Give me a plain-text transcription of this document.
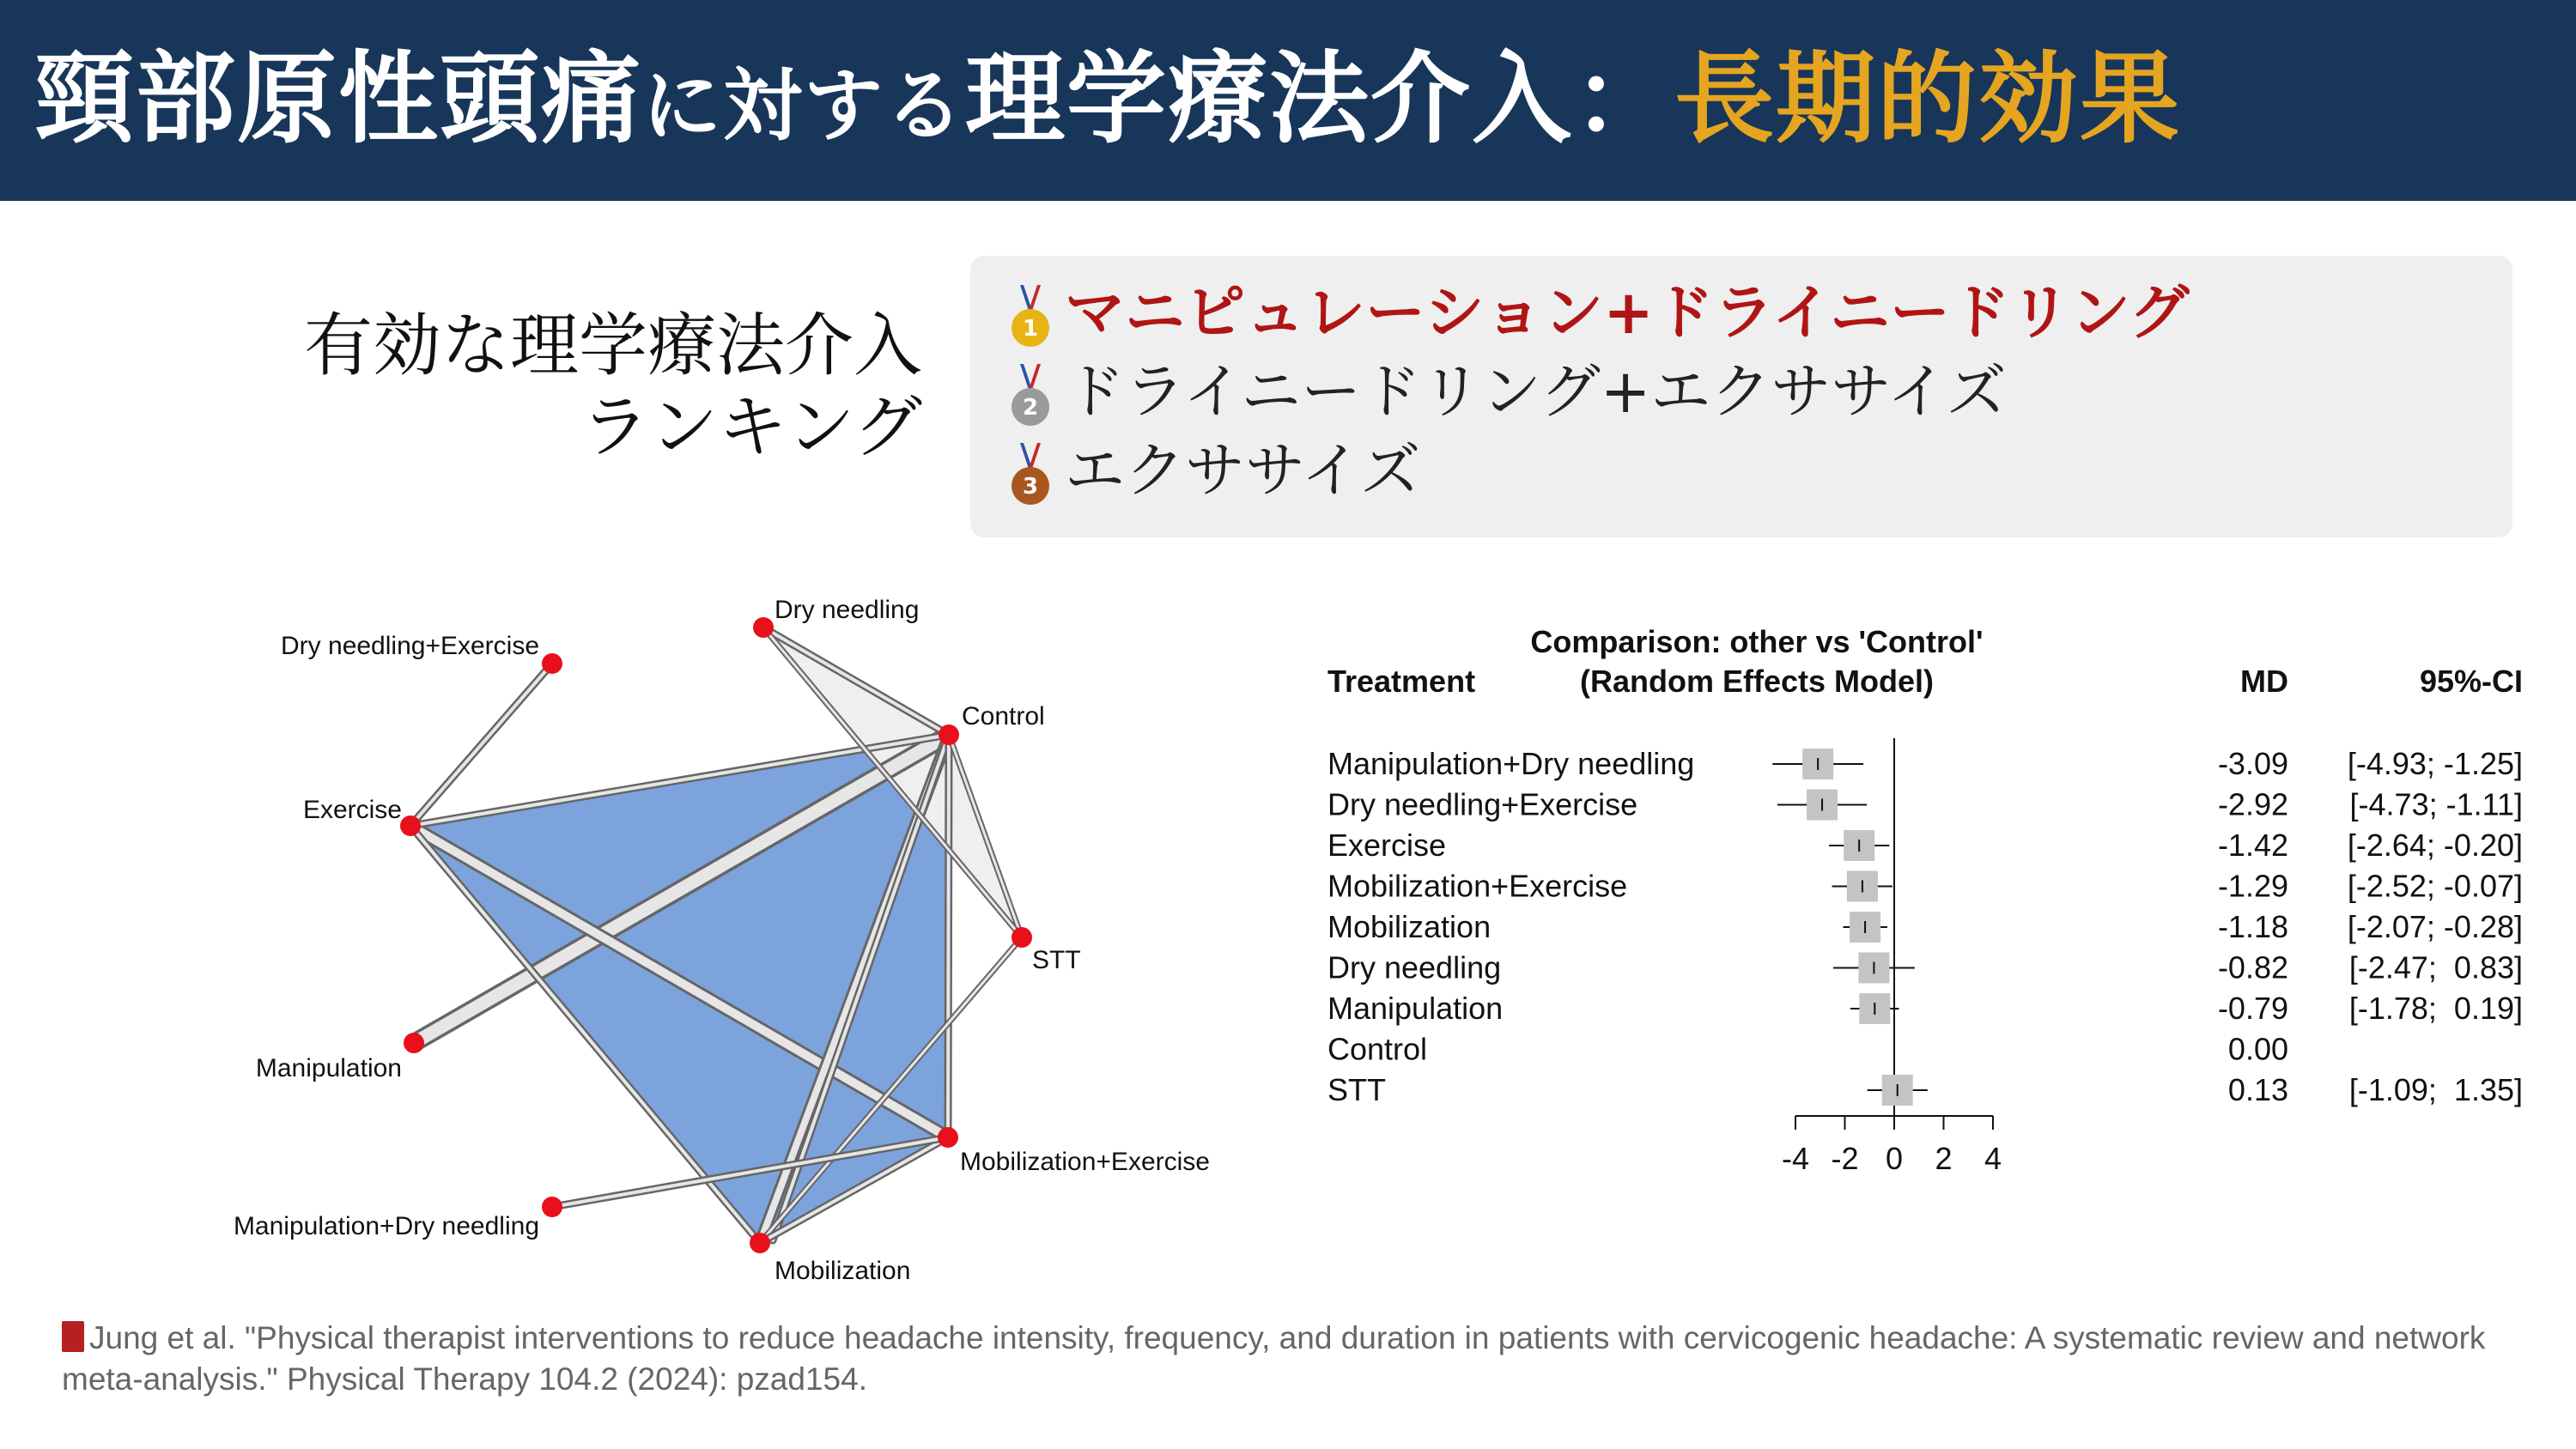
頸部原性頭痛に対する理学療法介入：長期的効果
有効な理学療法介入
ランキング
1 マニピュレーション+ドライニードリング
2 ドライニードリング+エクササイズ
3 エクササイズ
Dry needling
Dry needling+Exercise
Control
Exercise
STT
Manipulation
Mobilization+Exercise
Manipulation+Dry needling
Mobilization
Comparison: other vs 'Control'
(Random Effects Model)
Treatment	MD	95%-CI
Manipulation+Dry needling	-3.09 [-4.93; -1.25]
Dry needling+Exercise	-2.92 [-4.73; -1.11]
Exercise	-1.42 [-2.64; -0.20]
Mobilization+Exercise	-1.29 [-2.52; -0.07]
Mobilization	-1.18 [-2.07; -0.28]
Dry needling	-0.82 [-2.47;  0.83]
Manipulation	-0.79 [-1.78;  0.19]
Control	0.00
STT	0.13 [-1.09;  1.35]
-4 -2 0 2 4
Jung et al. "Physical therapist interventions to reduce headache intensity, frequency, and duration in patients with cervicogenic headache: A systematic review and network meta-analysis." Physical Therapy 104.2 (2024): pzad154.
